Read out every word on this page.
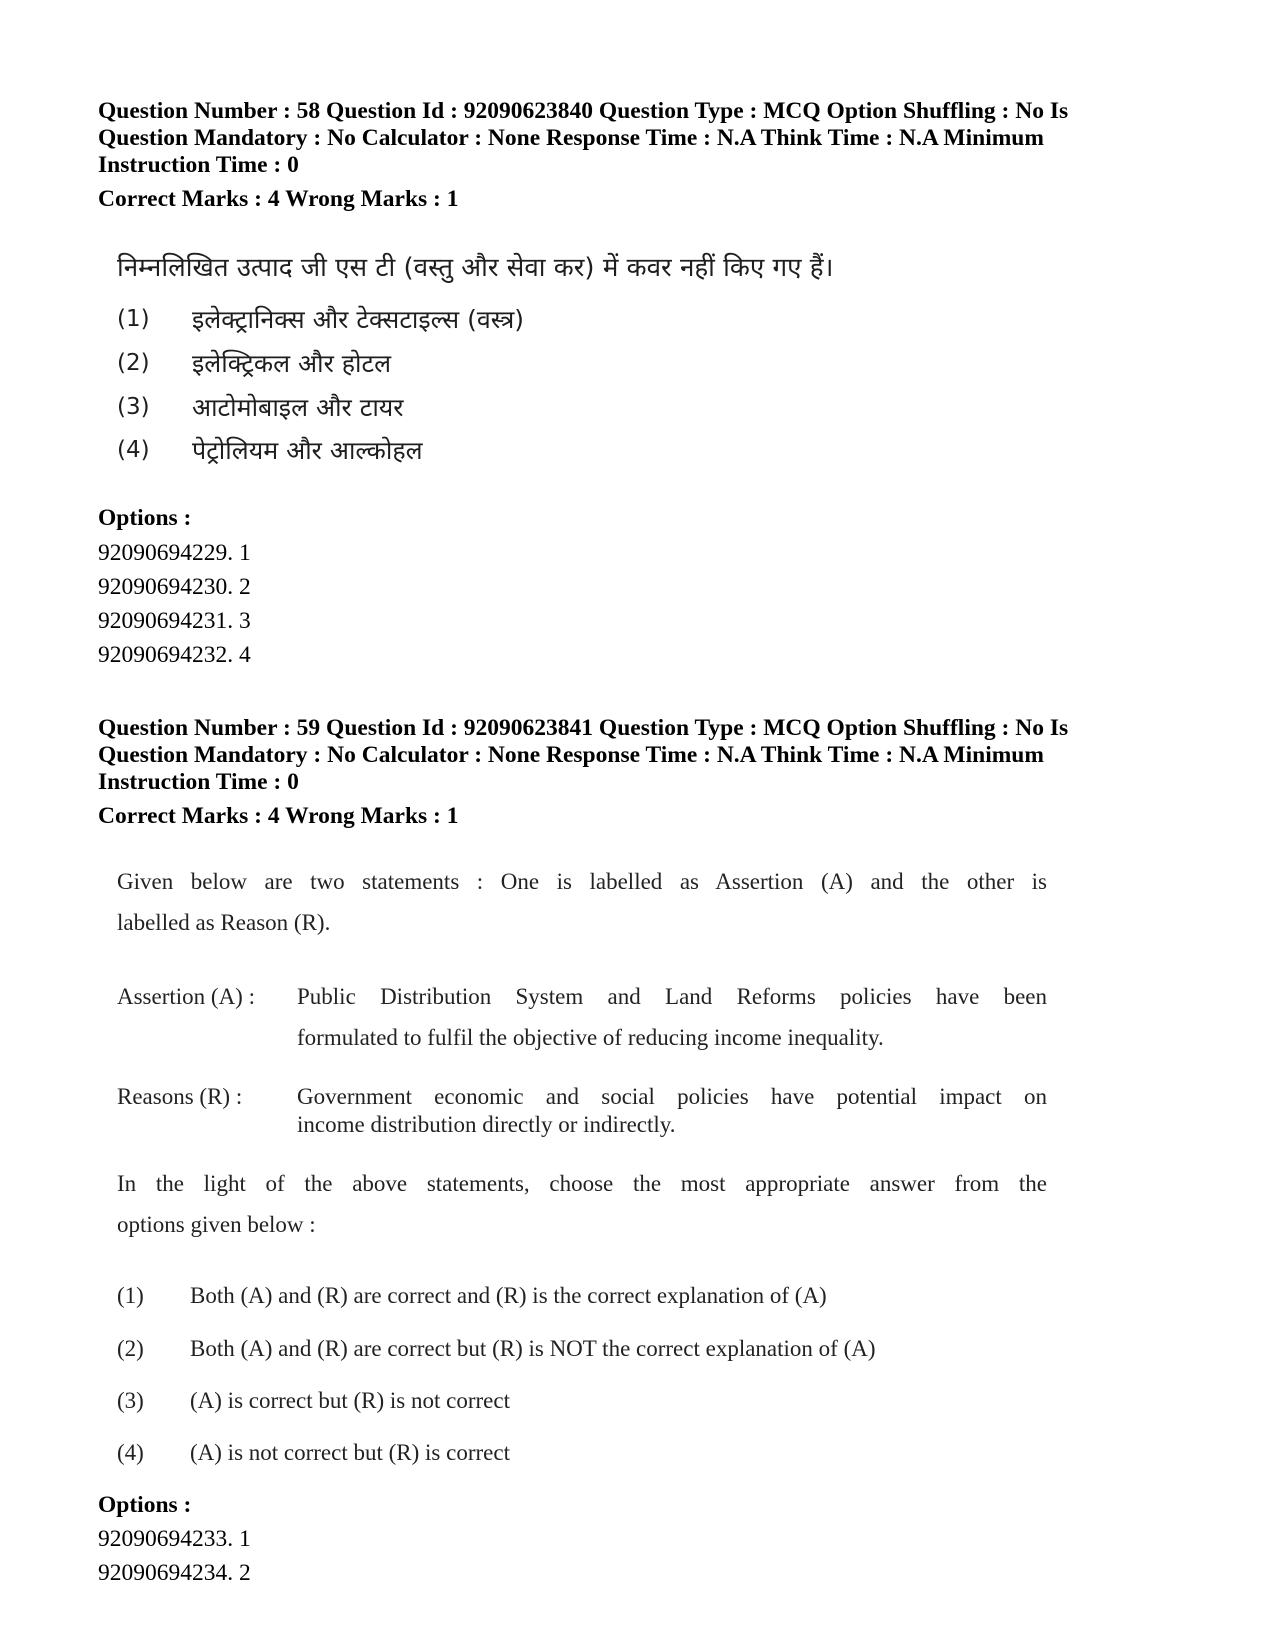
Question Number : 58 Question Id : 92090623840 Question Type : MCQ Option Shuffling : No Is
Question Mandatory : No Calculator : None Response Time : N.A Think Time : N.A Minimum
Instruction Time : 0
Correct Marks : 4 Wrong Marks : 1
निम्नलिखित उत्पाद जी एस टी (वस्तु और सेवा कर) में कवर नहीं किए गए हैं।
(1) इलेक्ट्रानिक्स और टेक्सटाइल्स (वस्त्र)
(2) इलेक्ट्रिकल और होटल
(3) आटोमोबाइल और टायर
(4) पेट्रोलियम और आल्कोहल
Options :
92090694229. 1
92090694230. 2
92090694231. 3
92090694232. 4
Question Number : 59 Question Id : 92090623841 Question Type : MCQ Option Shuffling : No Is
Question Mandatory : No Calculator : None Response Time : N.A Think Time : N.A Minimum
Instruction Time : 0
Correct Marks : 4 Wrong Marks : 1
Given below are two statements : One is labelled as Assertion (A) and the other is
labelled as Reason (R).
Assertion (A) : Public Distribution System and Land Reforms policies have been
formulated to fulfil the objective of reducing income inequality.
Reasons (R) : Government economic and social policies have potential impact on
income distribution directly or indirectly.
In the light of the above statements, choose the most appropriate answer from the
options given below :
(1) Both (A) and (R) are correct and (R) is the correct explanation of (A)
(2) Both (A) and (R) are correct but (R) is NOT the correct explanation of (A)
(3) (A) is correct but (R) is not correct
(4) (A) is not correct but (R) is correct
Options :
92090694233. 1
92090694234. 2
